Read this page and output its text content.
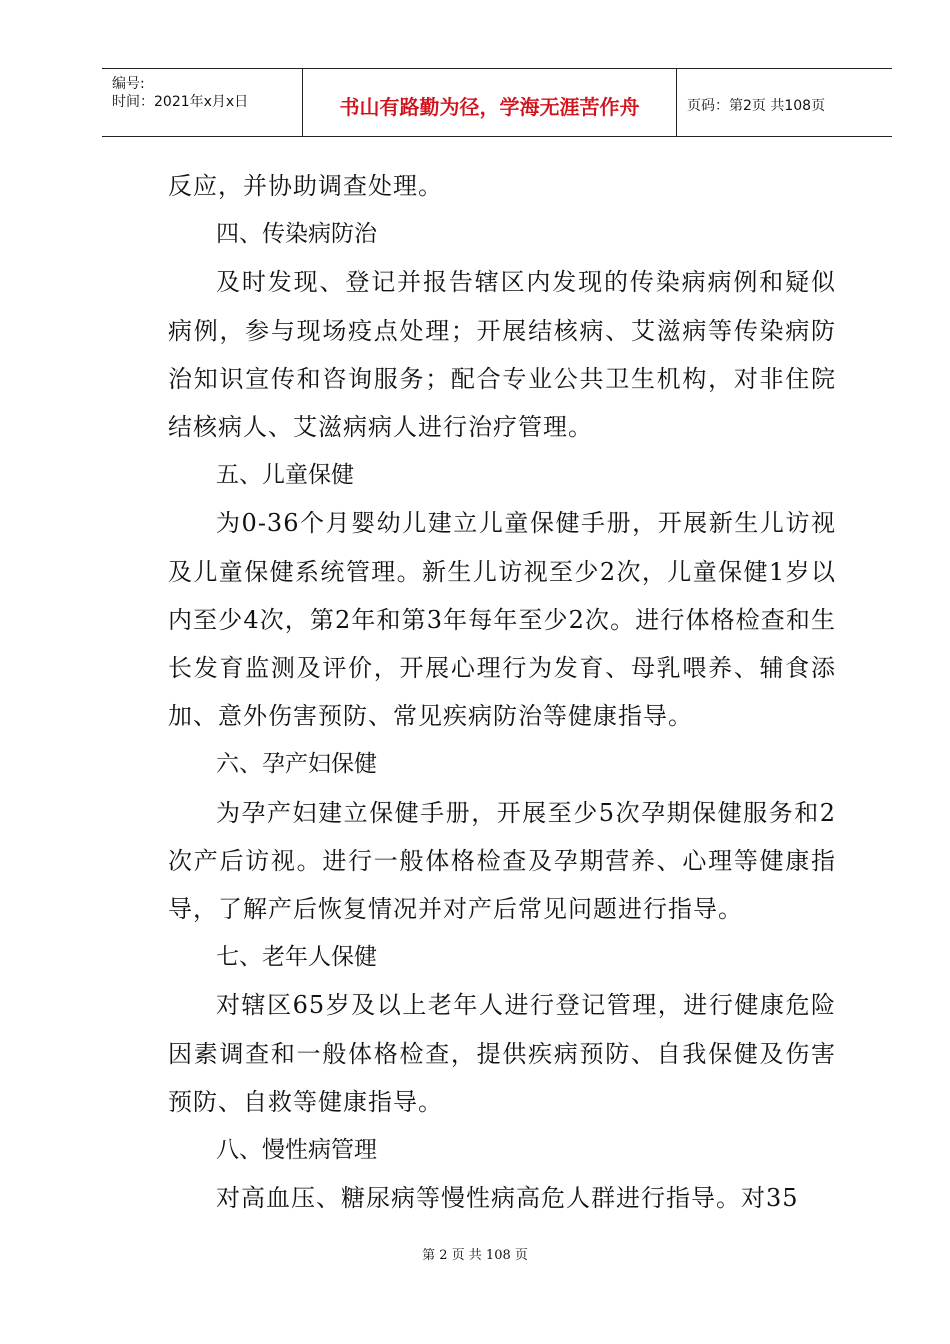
编号:
时间：2021年x月x日	书山有路勤为径，学海无涯苦作舟	页码：第2页 共108页

反应，并协助调查处理。

四、传染病防治

及时发现、登记并报告辖区内发现的传染病病例和疑似病例，参与现场疫点处理；开展结核病、艾滋病等传染病防治知识宣传和咨询服务；配合专业公共卫生机构，对非住院结核病人、艾滋病病人进行治疗管理。

五、儿童保健

为0-36个月婴幼儿建立儿童保健手册，开展新生儿访视及儿童保健系统管理。新生儿访视至少2次，儿童保健1岁以内至少4次，第2年和第3年每年至少2次。进行体格检查和生长发育监测及评价，开展心理行为发育、母乳喂养、辅食添加、意外伤害预防、常见疾病防治等健康指导。

六、孕产妇保健

为孕产妇建立保健手册，开展至少5次孕期保健服务和2次产后访视。进行一般体格检查及孕期营养、心理等健康指导，了解产后恢复情况并对产后常见问题进行指导。

七、老年人保健

对辖区65岁及以上老年人进行登记管理，进行健康危险因素调查和一般体格检查，提供疾病预防、自我保健及伤害预防、自救等健康指导。

八、慢性病管理

对高血压、糖尿病等慢性病高危人群进行指导。对35

第 2 页 共 108 页
